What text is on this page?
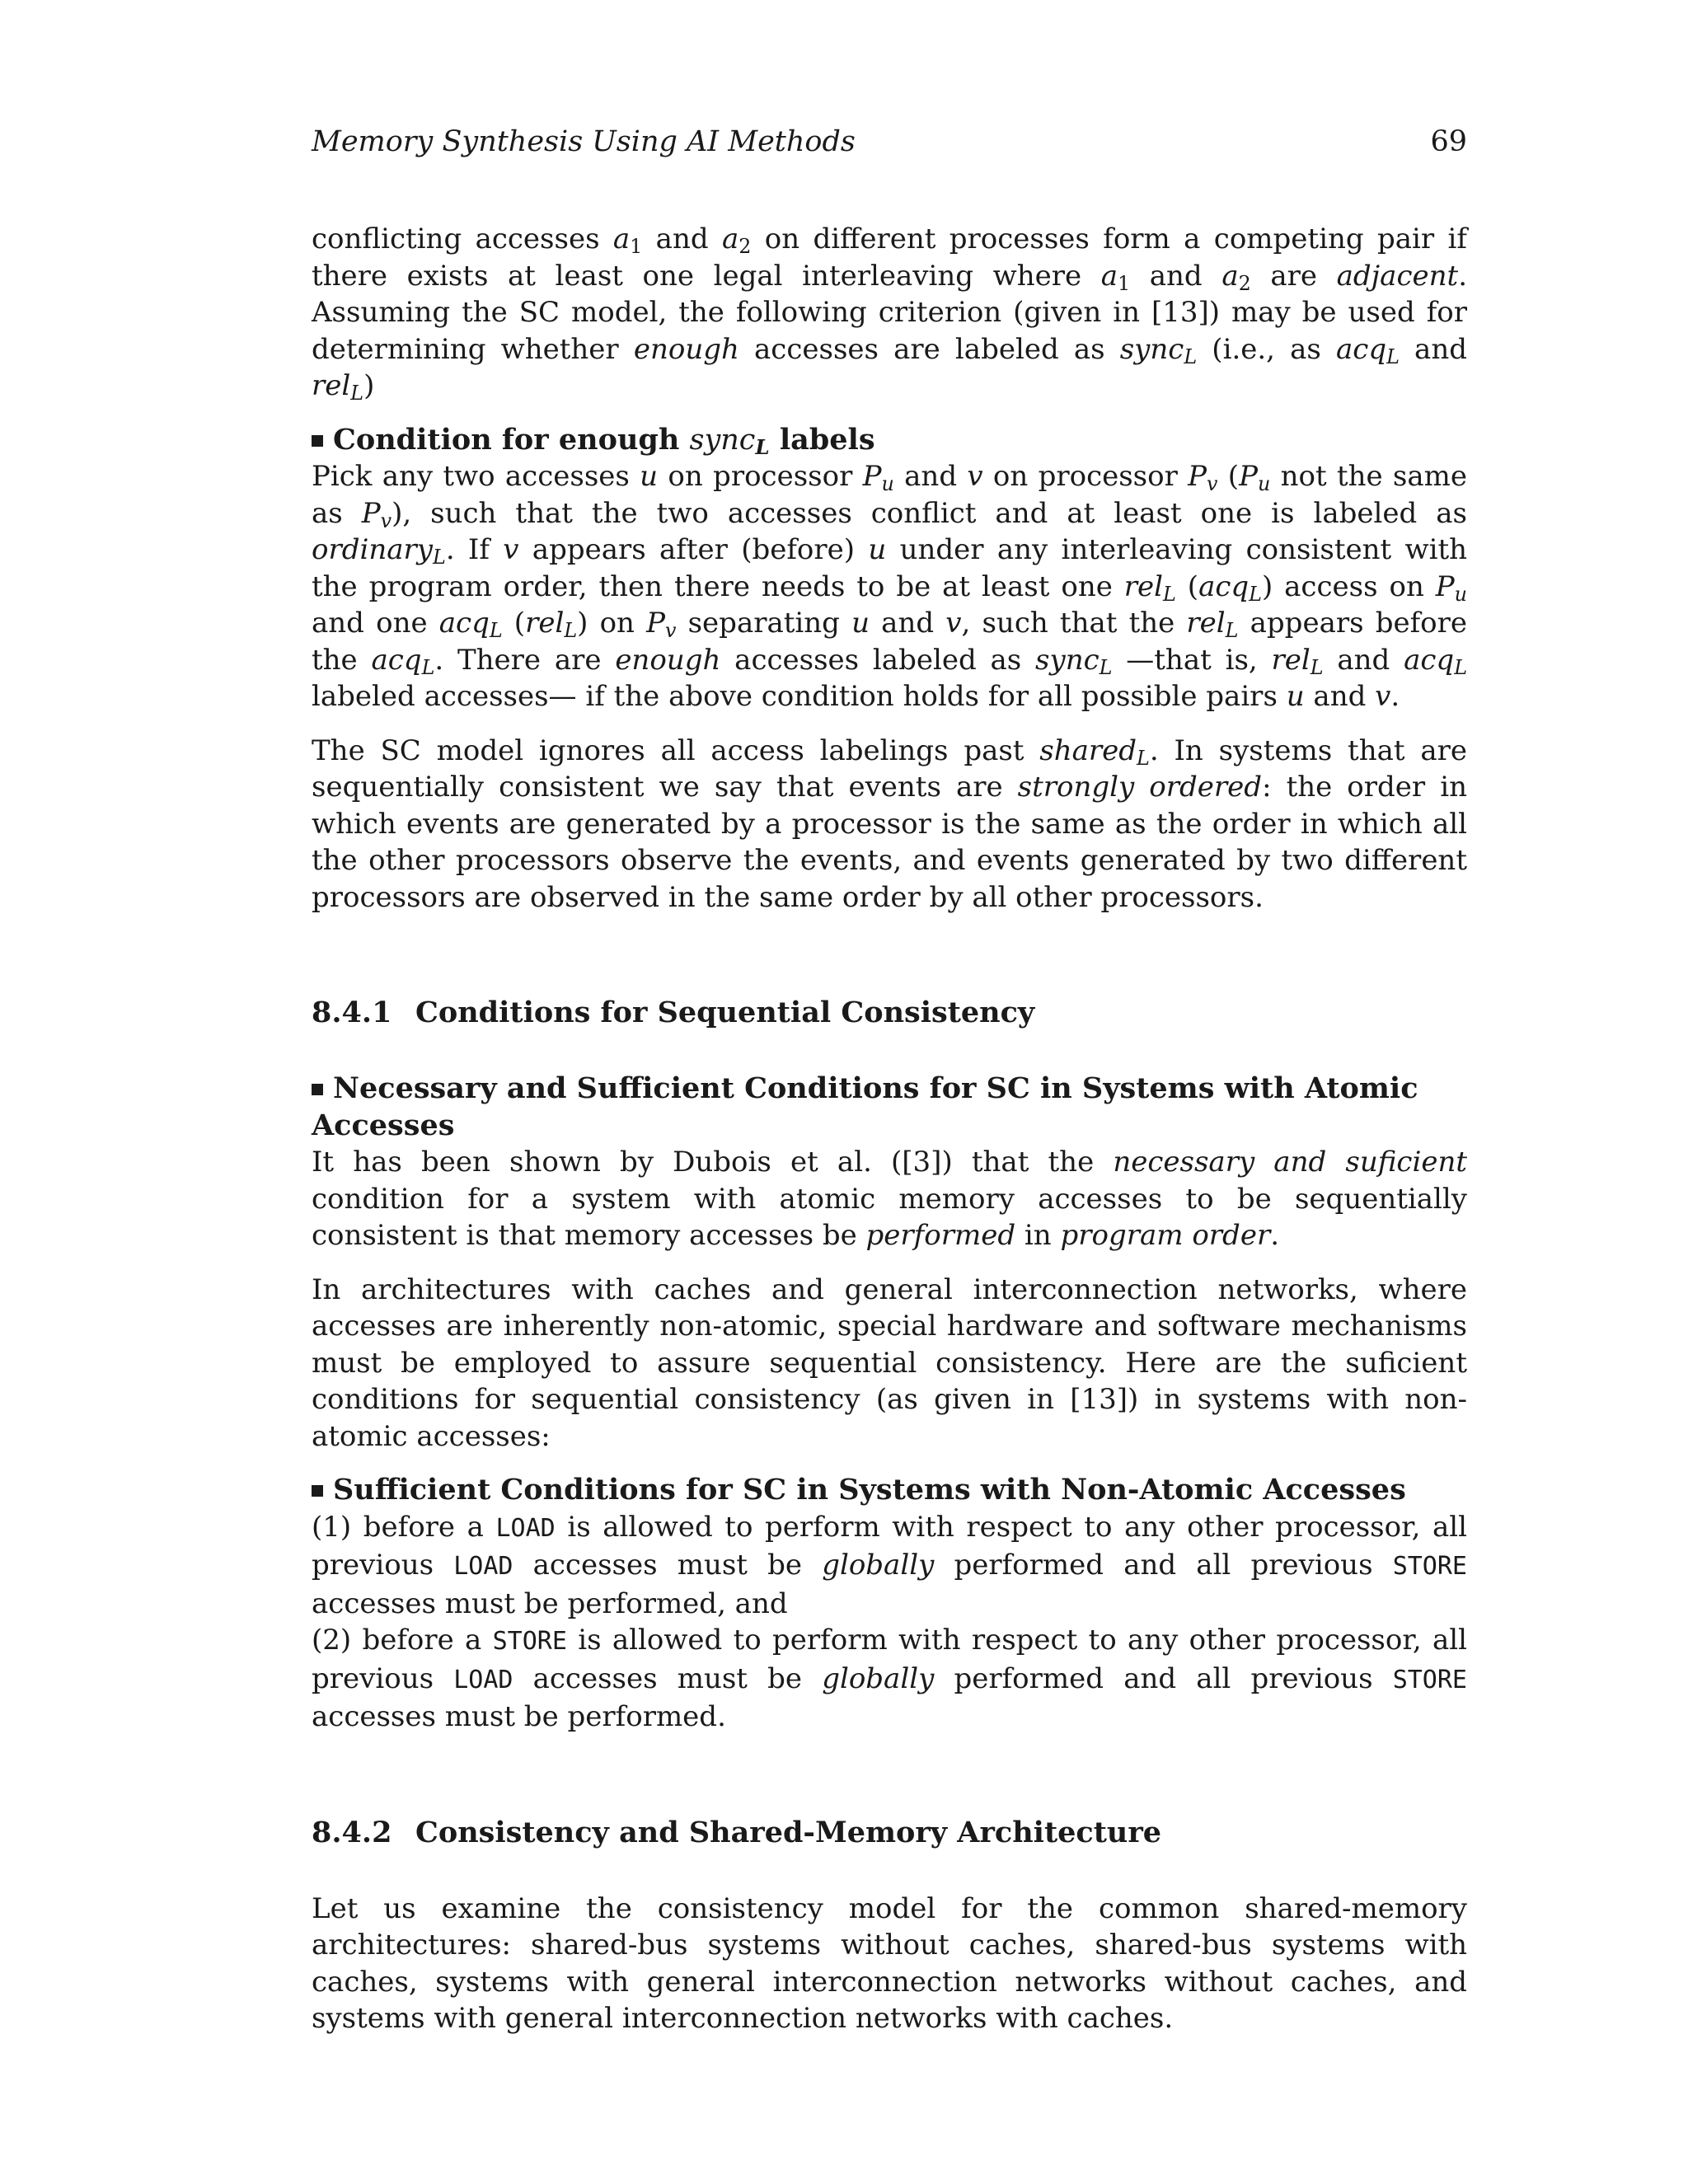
Memory Synthesis Using AI Methods	69

conflicting accesses $a_1$ and $a_2$ on different processes form a competing pair if there exists at least one legal interleaving where $a_1$ and $a_2$ are adjacent. Assuming the SC model, the following criterion (given in [13]) may be used for determining whether enough accesses are labeled as sync$_L$ (i.e., as acq$_L$ and rel$_L$)

Condition for enough sync$_L$ labels

Pick any two accesses u on processor $P_u$ and v on processor $P_v$ ($P_u$ not the same as $P_v$), such that the two accesses conflict and at least one is labeled as ordinary$_L$. If v appears after (before) u under any interleaving consistent with the program order, then there needs to be at least one rel$_L$ (acq$_L$) access on $P_u$ and one acq$_L$ (rel$_L$) on $P_v$ separating u and v, such that the rel$_L$ appears before the acq$_L$. There are enough accesses labeled as sync$_L$ —that is, rel$_L$ and acq$_L$ labeled accesses— if the above condition holds for all possible pairs u and v.

The SC model ignores all access labelings past shared$_L$. In systems that are sequentially consistent we say that events are strongly ordered: the order in which events are generated by a processor is the same as the order in which all the other processors observe the events, and events generated by two different processors are observed in the same order by all other processors.

8.4.1 Conditions for Sequential Consistency
Necessary and Sufficient Conditions for SC in Systems with Atomic Accesses

It has been shown by Dubois et al. ([3]) that the necessary and suficient condition for a system with atomic memory accesses to be sequentially consistent is that memory accesses be performed in program order.

In architectures with caches and general interconnection networks, where accesses are inherently non-atomic, special hardware and software mechanisms must be employed to assure sequential consistency. Here are the suficient conditions for sequential consistency (as given in [13]) in systems with non-atomic accesses:

Sufficient Conditions for SC in Systems with Non-Atomic Accesses

(1) before a LOAD is allowed to perform with respect to any other processor, all previous LOAD accesses must be globally performed and all previous STORE accesses must be performed, and

(2) before a STORE is allowed to perform with respect to any other processor, all previous LOAD accesses must be globally performed and all previous STORE accesses must be performed.

8.4.2 Consistency and Shared-Memory Architecture

Let us examine the consistency model for the common shared-memory architectures: shared-bus systems without caches, shared-bus systems with caches, systems with general interconnection networks without caches, and systems with general interconnection networks with caches.
